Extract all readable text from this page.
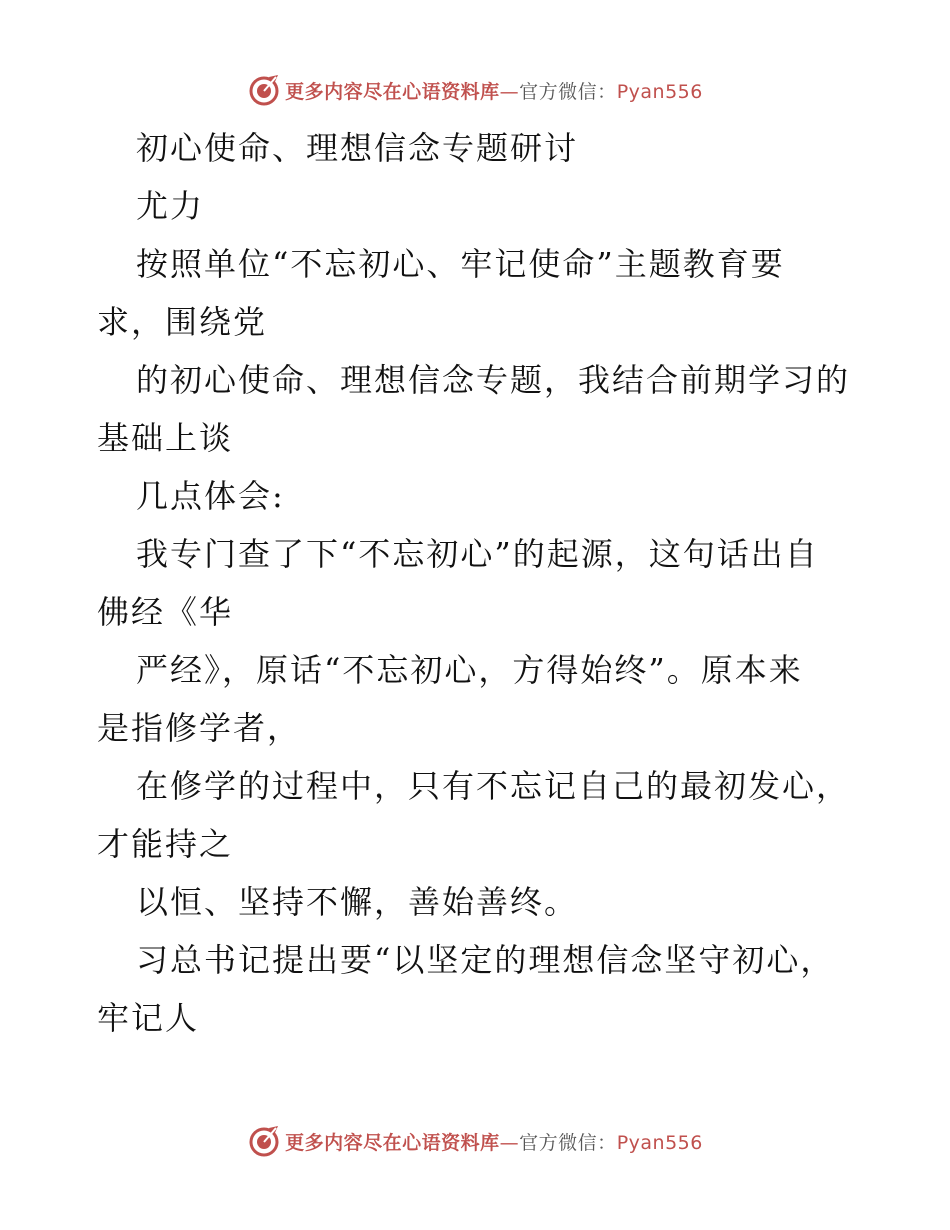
更多内容尽在心语资料库—官方微信：Pyan556
初心使命、理想信念专题研讨
尤力
按照单位“不忘初心、牢记使命”主题教育要
求，围绕党
的初心使命、理想信念专题，我结合前期学习的
基础上谈
几点体会:
我专门查了下“不忘初心”的起源，这句话出自
佛经《华
严经》，原话“不忘初心，方得始终”。原本来
是指修学者，
在修学的过程中，只有不忘记自己的最初发心，
才能持之
以恒、坚持不懈，善始善终。
习总书记提出要“以坚定的理想信念坚守初心，
牢记人
更多内容尽在心语资料库—官方微信：Pyan556
